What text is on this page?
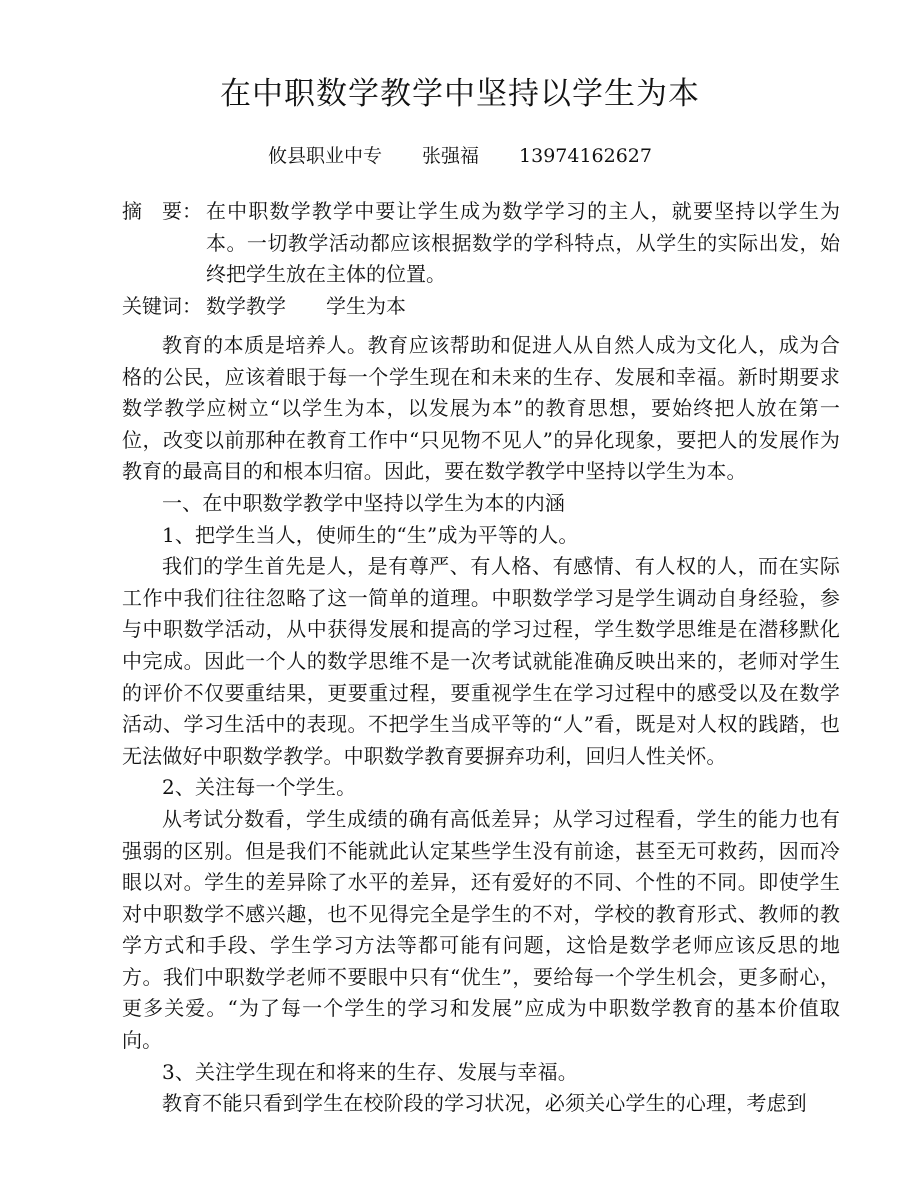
在中职数学教学中坚持以学生为本
攸县职业中专 张强福 13974162627
摘　要： 在中职数学教学中要让学生成为数学学习的主人，就要坚持以学生为本。一切教学活动都应该根据数学的学科特点，从学生的实际出发，始终把学生放在主体的位置。
关键词： 数学教学 学生为本

教育的本质是培养人。教育应该帮助和促进人从自然人成为文化人，成为合格的公民，应该着眼于每一个学生现在和未来的生存、发展和幸福。新时期要求数学教学应树立“以学生为本，以发展为本”的教育思想，要始终把人放在第一位，改变以前那种在教育工作中“只见物不见人”的异化现象，要把人的发展作为教育的最高目的和根本归宿。因此，要在数学教学中坚持以学生为本。

一、在中职数学教学中坚持以学生为本的内涵

1、把学生当人，使师生的“生”成为平等的人。

我们的学生首先是人，是有尊严、有人格、有感情、有人权的人，而在实际工作中我们往往忽略了这一简单的道理。中职数学学习是学生调动自身经验，参与中职数学活动，从中获得发展和提高的学习过程，学生数学思维是在潜移默化中完成。因此一个人的数学思维不是一次考试就能准确反映出来的，老师对学生的评价不仅要重结果，更要重过程，要重视学生在学习过程中的感受以及在数学活动、学习生活中的表现。不把学生当成平等的“人”看，既是对人权的践踏，也无法做好中职数学教学。中职数学教育要摒弃功利，回归人性关怀。

2、关注每一个学生。

从考试分数看，学生成绩的确有高低差异；从学习过程看，学生的能力也有强弱的区别。但是我们不能就此认定某些学生没有前途，甚至无可救药，因而冷眼以对。学生的差异除了水平的差异，还有爱好的不同、个性的不同。即使学生对中职数学不感兴趣，也不见得完全是学生的不对，学校的教育形式、教师的教学方式和手段、学生学习方法等都可能有问题，这恰是数学老师应该反思的地方。我们中职数学老师不要眼中只有“优生”，要给每一个学生机会，更多耐心，更多关爱。“为了每一个学生的学习和发展”应成为中职数学教育的基本价值取向。

3、关注学生现在和将来的生存、发展与幸福。

教育不能只看到学生在校阶段的学习状况，必须关心学生的心理，考虑到
